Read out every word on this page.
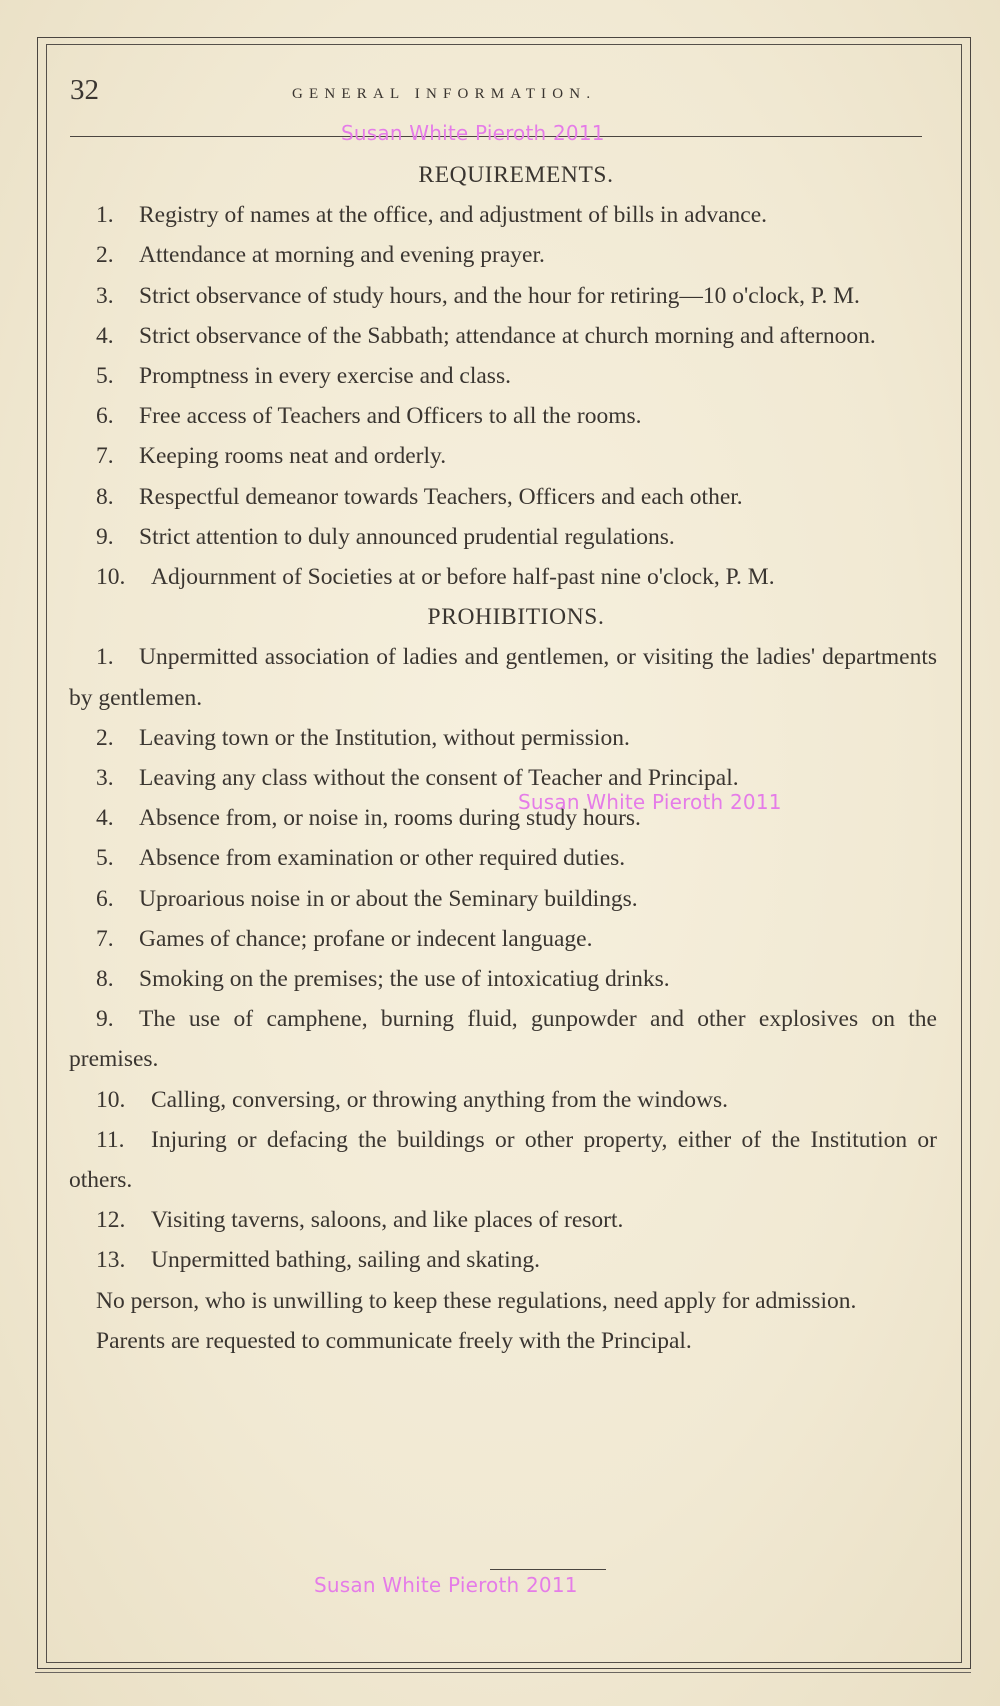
32	GENERAL INFORMATION.
REQUIREMENTS.

1. Registry of names at the office, and adjustment of bills in advance.

2. Attendance at morning and evening prayer.

3. Strict observance of study hours, and the hour for retiring—10 o'clock, P. M.

4. Strict observance of the Sabbath; attendance at church morning and afternoon.

5. Promptness in every exercise and class.

6. Free access of Teachers and Officers to all the rooms.

7. Keeping rooms neat and orderly.

8. Respectful demeanor towards Teachers, Officers and each other.

9. Strict attention to duly announced prudential regulations.

10. Adjournment of Societies at or before half-past nine o'clock, P. M.

PROHIBITIONS.

1. Unpermitted association of ladies and gentlemen, or visiting the ladies' departments by gentlemen.

2. Leaving town or the Institution, without permission.

3. Leaving any class without the consent of Teacher and Principal.

4. Absence from, or noise in, rooms during study hours.

5. Absence from examination or other required duties.

6. Uproarious noise in or about the Seminary buildings.

7. Games of chance; profane or indecent language.

8. Smoking on the premises; the use of intoxicatiug drinks.

9. The use of camphene, burning fluid, gunpowder and other explosives on the premises.

10. Calling, conversing, or throwing anything from the windows.

11. Injuring or defacing the buildings or other property, either of the Institution or others.

12. Visiting taverns, saloons, and like places of resort.

13. Unpermitted bathing, sailing and skating.

No person, who is unwilling to keep these regulations, need apply for admission.

Parents are requested to communicate freely with the Principal.

Susan White Pieroth 2011
Susan White Pieroth 2011
Susan White Pieroth 2011
